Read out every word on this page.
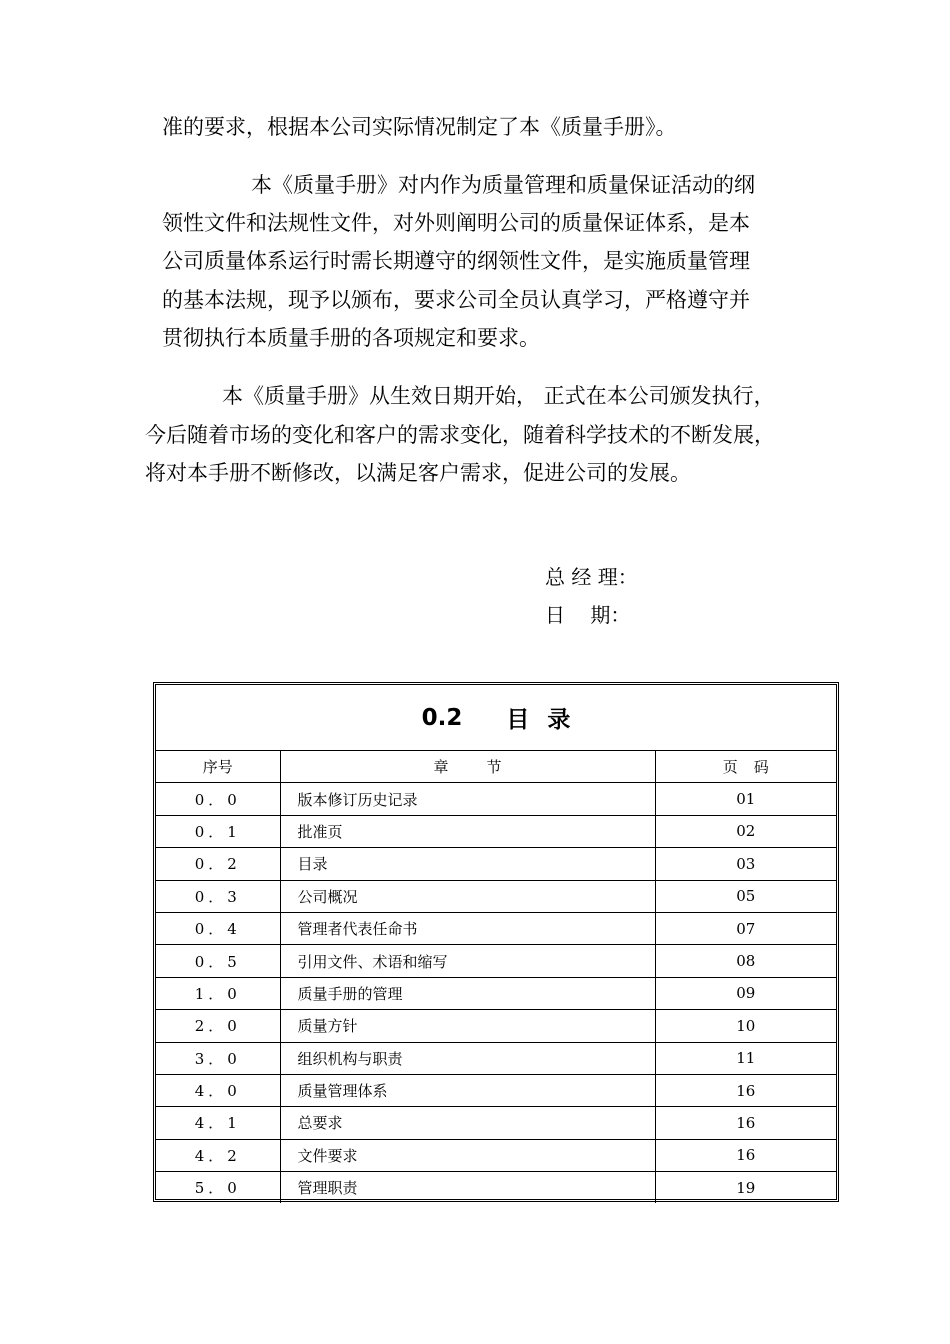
准的要求，根据本公司实际情况制定了本《质量手册》。
本《质量手册》对内作为质量管理和质量保证活动的纲
领性文件和法规性文件，对外则阐明公司的质量保证体系，是本
公司质量体系运行时需长期遵守的纲领性文件，是实施质量管理
的基本法规，现予以颁布，要求公司全员认真学习，严格遵守并
贯彻执行本质量手册的各项规定和要求。
本《质量手册》从生效日期开始， 正式在本公司颁发执行，
今后随着市场的变化和客户的需求变化，随着科学技术的不断发展，
将对本手册不断修改，以满足客户需求，促进公司的发展。
总 经 理：
日    期：
0.2 目录
序号	章节	页码
0．0	版本修订历史记录	01
0．1	批准页	02
0．2	目录	03
0．3	公司概况	05
0．4	管理者代表任命书	07
0．5	引用文件、术语和缩写	08
1．0	质量手册的管理	09
2．0	质量方针	10
3．0	组织机构与职责	11
4．0	质量管理体系	16
4．1	总要求	16
4．2	文件要求	16
5．0	管理职责	19
